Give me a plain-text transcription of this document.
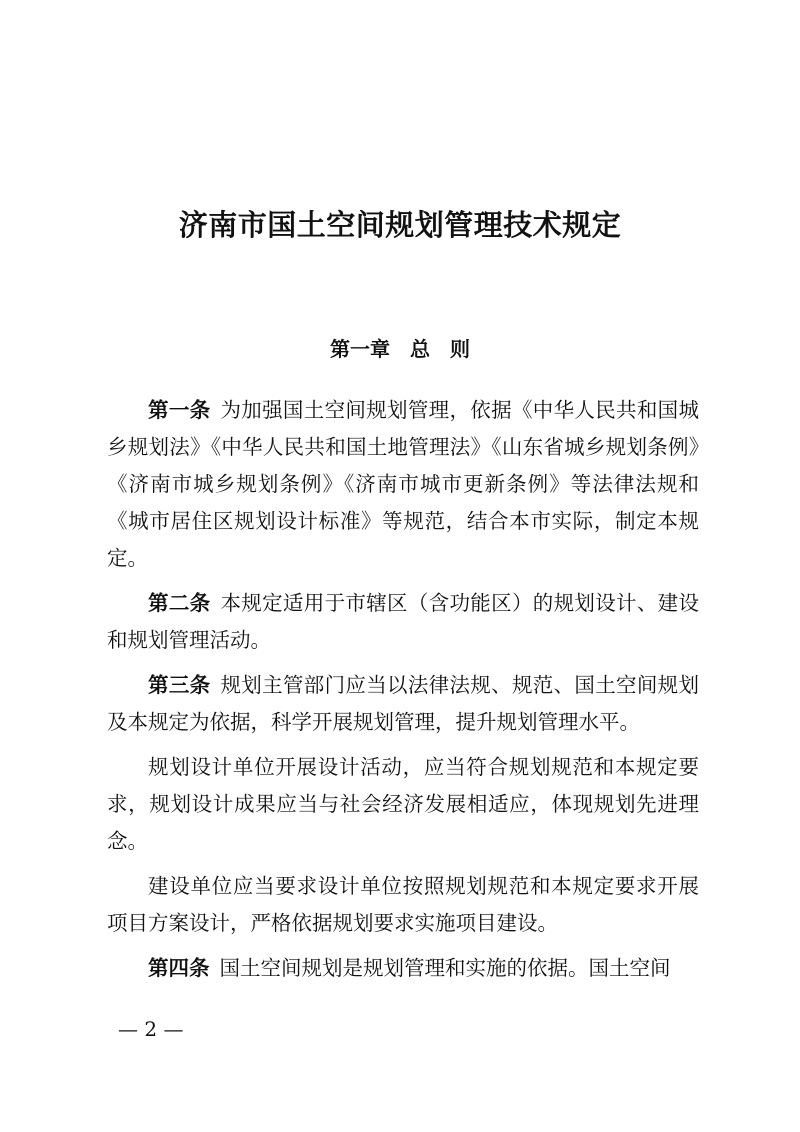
济南市国土空间规划管理技术规定
第一章　总　则

第一条 为加强国土空间规划管理，依据《中华人民共和国城乡规划法》《中华人民共和国土地管理法》《山东省城乡规划条例》《济南市城乡规划条例》《济南市城市更新条例》等法律法规和《城市居住区规划设计标准》等规范，结合本市实际，制定本规定。

第二条 本规定适用于市辖区（含功能区）的规划设计、建设和规划管理活动。

第三条 规划主管部门应当以法律法规、规范、国土空间规划及本规定为依据，科学开展规划管理，提升规划管理水平。

规划设计单位开展设计活动，应当符合规划规范和本规定要求，规划设计成果应当与社会经济发展相适应，体现规划先进理念。

建设单位应当要求设计单位按照规划规范和本规定要求开展项目方案设计，严格依据规划要求实施项目建设。

第四条 国土空间规划是规划管理和实施的依据。国土空间

— 2 —
